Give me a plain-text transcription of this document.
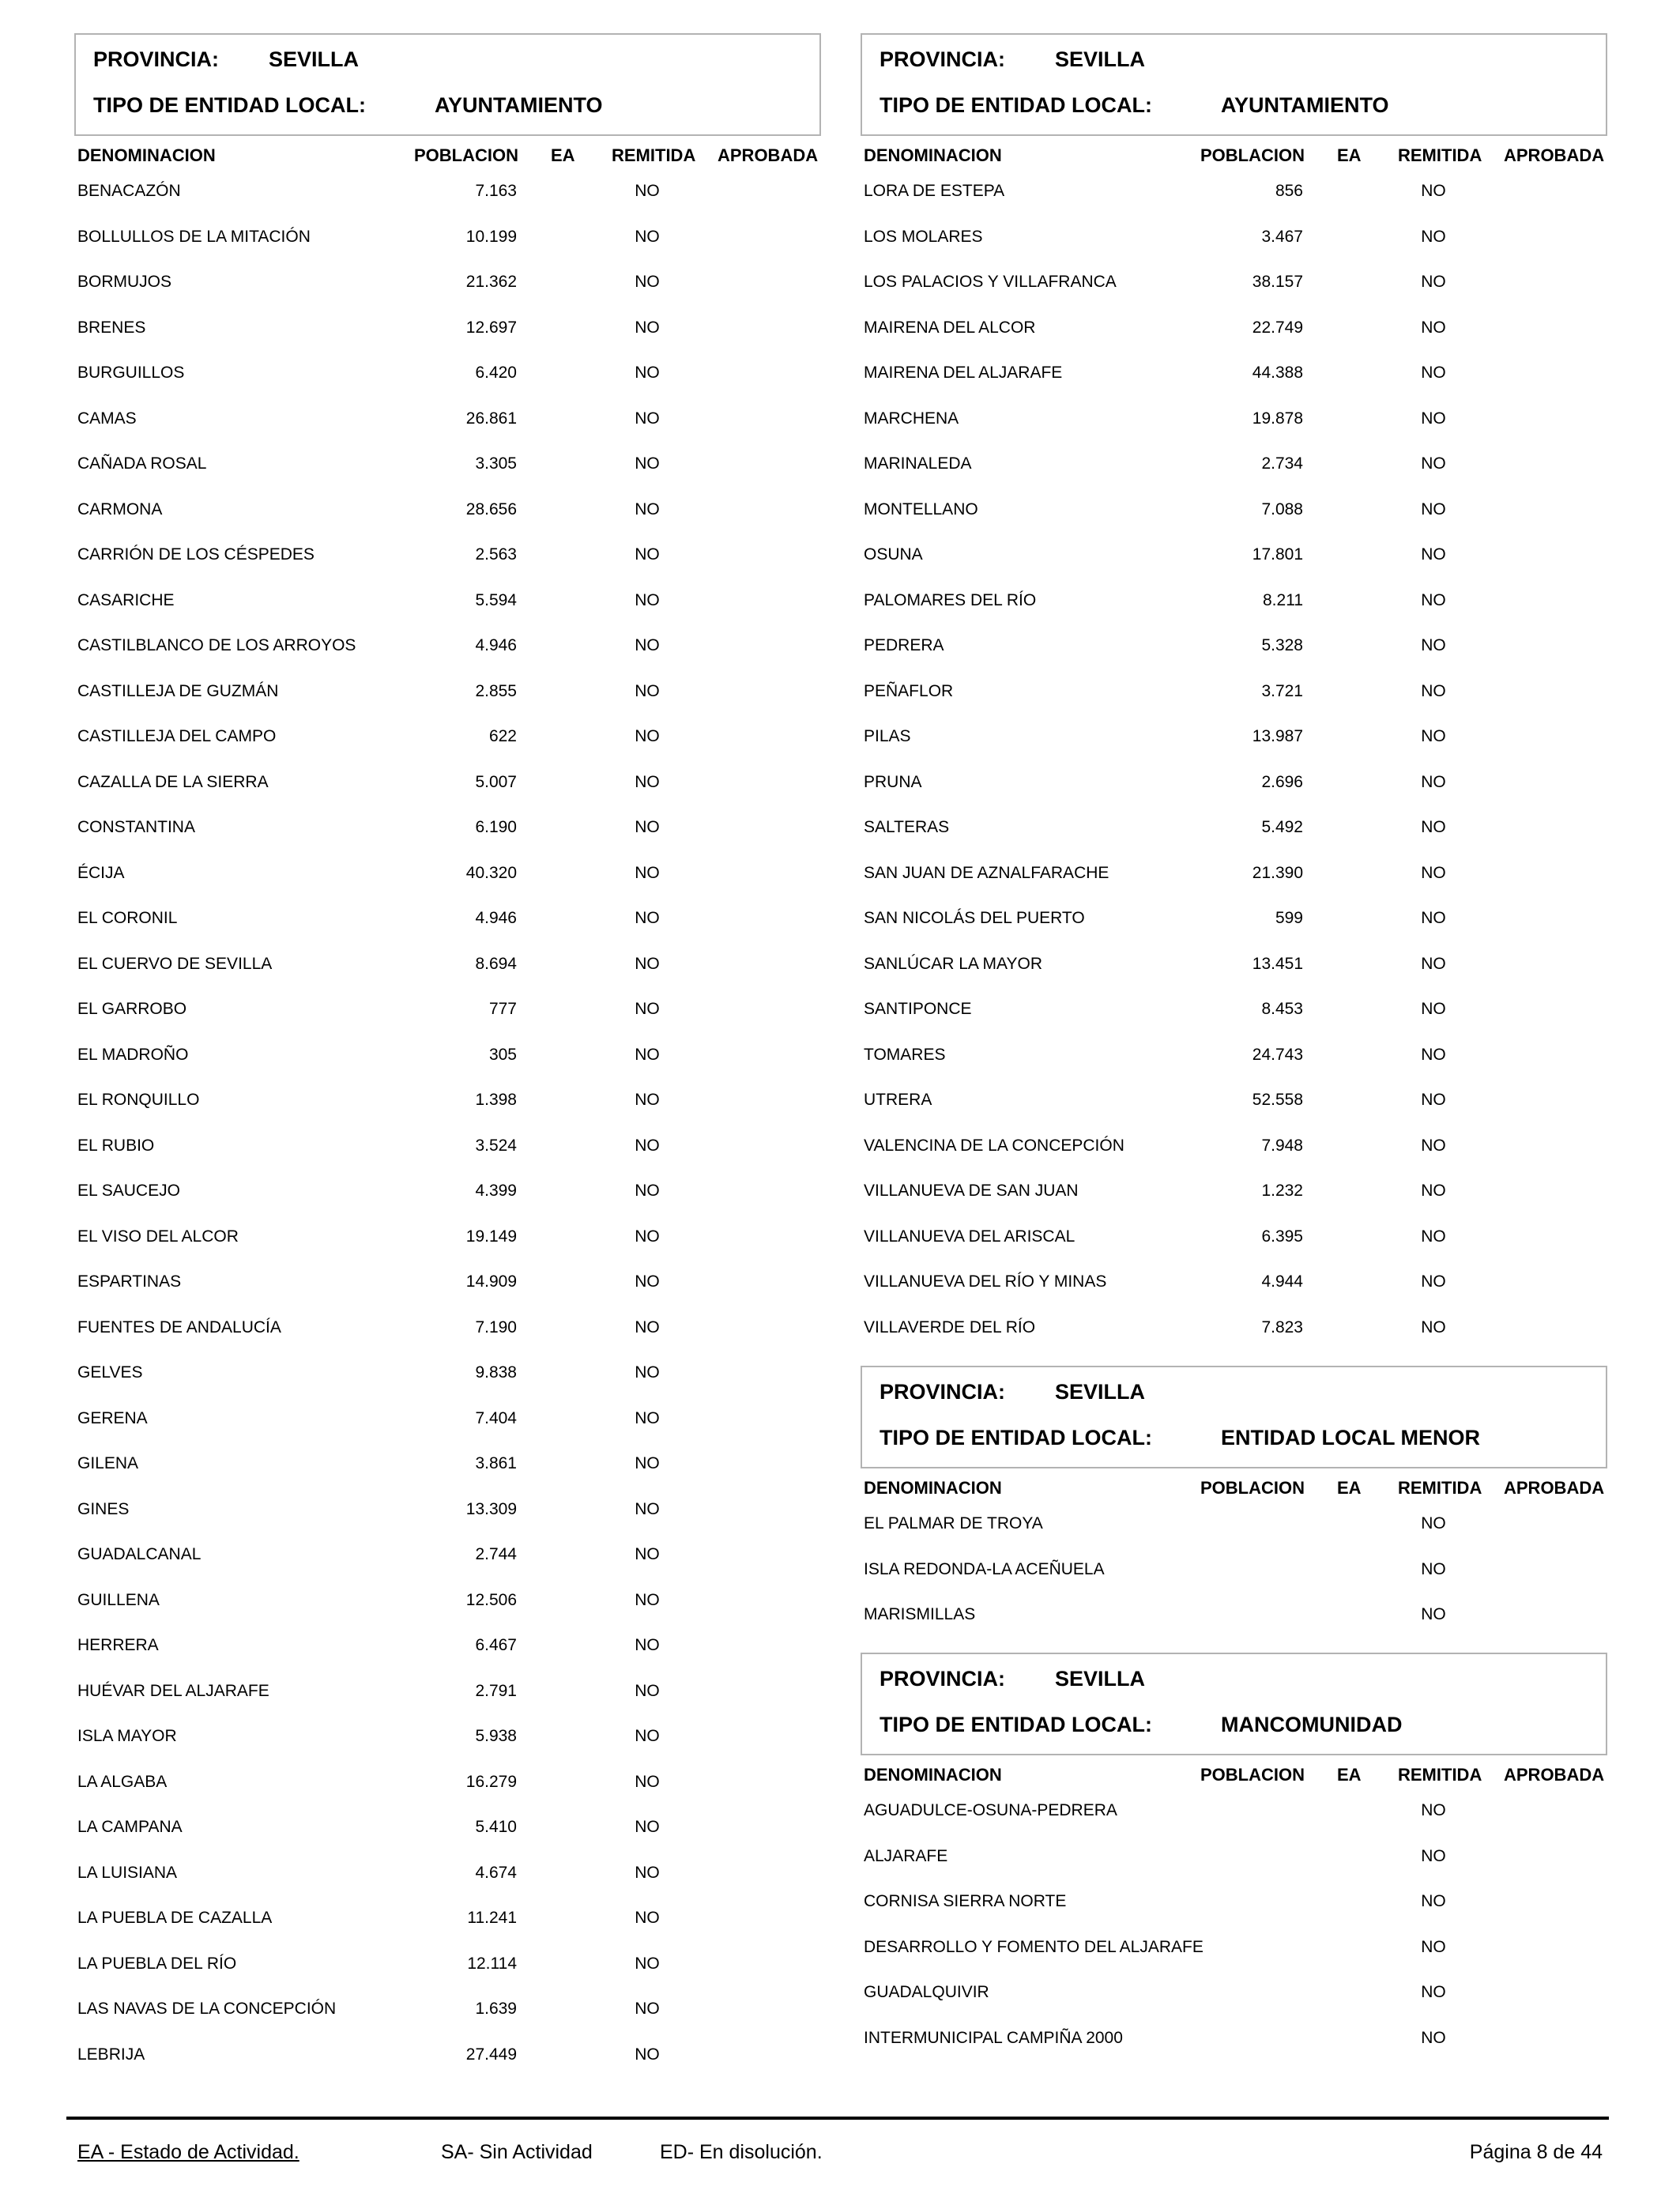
PROVINCIA: SEVILLA
TIPO DE ENTIDAD LOCAL:	AYUNTAMIENTO
DENOMINACION	POBLACION EA REMITIDA APROBADA
BENACAZÓN	7.163	NO
BOLLULLOS DE LA MITACIÓN	10.199	NO
BORMUJOS	21.362	NO
BRENES	12.697	NO
BURGUILLOS	6.420	NO
CAMAS	26.861	NO
CAÑADA ROSAL	3.305	NO
CARMONA	28.656	NO
CARRIÓN DE LOS CÉSPEDES	2.563	NO
CASARICHE	5.594	NO
CASTILBLANCO DE LOS ARROYOS	4.946	NO
CASTILLEJA DE GUZMÁN	2.855	NO
CASTILLEJA DEL CAMPO	622	NO
CAZALLA DE LA SIERRA	5.007	NO
CONSTANTINA	6.190	NO
ÉCIJA	40.320	NO
EL CORONIL	4.946	NO
EL CUERVO DE SEVILLA	8.694	NO
EL GARROBO	777	NO
EL MADROÑO	305	NO
EL RONQUILLO	1.398	NO
EL RUBIO	3.524	NO
EL SAUCEJO	4.399	NO
EL VISO DEL ALCOR	19.149	NO
ESPARTINAS	14.909	NO
FUENTES DE ANDALUCÍA	7.190	NO
GELVES	9.838	NO
GERENA	7.404	NO
GILENA	3.861	NO
GINES	13.309	NO
GUADALCANAL	2.744	NO
GUILLENA	12.506	NO
HERRERA	6.467	NO
HUÉVAR DEL ALJARAFE	2.791	NO
ISLA MAYOR	5.938	NO
LA ALGABA	16.279	NO
LA CAMPANA	5.410	NO
LA LUISIANA	4.674	NO
LA PUEBLA DE CAZALLA	11.241	NO
LA PUEBLA DEL RÍO	12.114	NO
LAS NAVAS DE LA CONCEPCIÓN	1.639	NO
LEBRIJA	27.449	NO
PROVINCIA: SEVILLA
TIPO DE ENTIDAD LOCAL:	AYUNTAMIENTO
DENOMINACION	POBLACION EA REMITIDA APROBADA
LORA DE ESTEPA	856	NO
LOS MOLARES	3.467	NO
LOS PALACIOS Y VILLAFRANCA	38.157	NO
MAIRENA DEL ALCOR	22.749	NO
MAIRENA DEL ALJARAFE	44.388	NO
MARCHENA	19.878	NO
MARINALEDA	2.734	NO
MONTELLANO	7.088	NO
OSUNA	17.801	NO
PALOMARES DEL RÍO	8.211	NO
PEDRERA	5.328	NO
PEÑAFLOR	3.721	NO
PILAS	13.987	NO
PRUNA	2.696	NO
SALTERAS	5.492	NO
SAN JUAN DE AZNALFARACHE	21.390	NO
SAN NICOLÁS DEL PUERTO	599	NO
SANLÚCAR LA MAYOR	13.451	NO
SANTIPONCE	8.453	NO
TOMARES	24.743	NO
UTRERA	52.558	NO
VALENCINA DE LA CONCEPCIÓN	7.948	NO
VILLANUEVA DE SAN JUAN	1.232	NO
VILLANUEVA DEL ARISCAL	6.395	NO
VILLANUEVA DEL RÍO Y MINAS	4.944	NO
VILLAVERDE DEL RÍO	7.823	NO
PROVINCIA: SEVILLA
TIPO DE ENTIDAD LOCAL:	ENTIDAD LOCAL MENOR
DENOMINACION	POBLACION EA REMITIDA APROBADA
EL PALMAR DE TROYA	NO
ISLA REDONDA-LA ACEÑUELA	NO
MARISMILLAS	NO
PROVINCIA: SEVILLA
TIPO DE ENTIDAD LOCAL:	MANCOMUNIDAD
DENOMINACION	POBLACION EA REMITIDA APROBADA
AGUADULCE-OSUNA-PEDRERA	NO
ALJARAFE	NO
CORNISA SIERRA NORTE	NO
DESARROLLO Y FOMENTO DEL ALJARAFE	NO
GUADALQUIVIR	NO
INTERMUNICIPAL CAMPIÑA 2000	NO
EA - Estado de Actividad.	SA- Sin Actividad	ED- En disolución.	Página 8 de 44
